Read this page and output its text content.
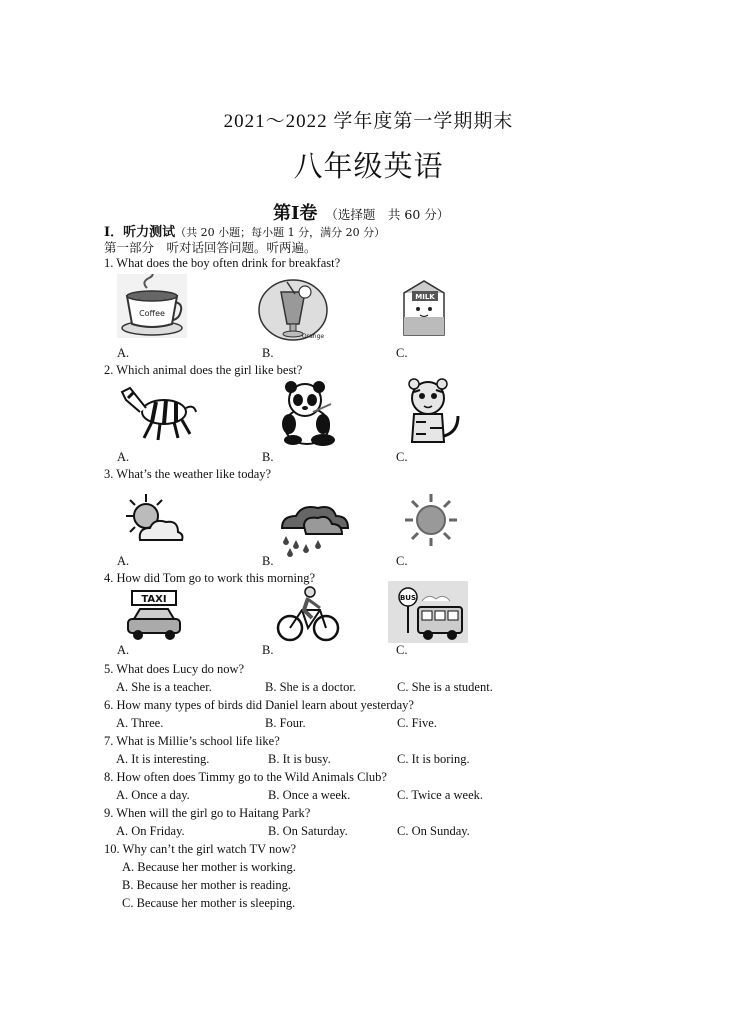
2021～2022 学年度第一学期期末
八年级英语
第Ⅰ卷 （选择题　共 60 分）
Ⅰ．听力测试（共 20 小题；每小题 1 分，满分 20 分）
第一部分　听对话回答问题。听两遍。
1. What does the boy often drink for breakfast?
Coffee
Orange
MILK
A.	B.	C.
2. Which animal does the girl like best?
A.	B.	C.
3. What’s the weather like today?
A.	B.	C.
4. How did Tom go to work this morning?
TAXI	BUS
A.	B.	C.
5. What does Lucy do now?
A. She is a teacher.	B. She is a doctor.	C. She is a student.
6. How many types of birds did Daniel learn about yesterday?
A. Three.	B. Four.	C. Five.
7. What is Millie’s school life like?
A. It is interesting.	B. It is busy.	C. It is boring.
8. How often does Timmy go to the Wild Animals Club?
A. Once a day.	B. Once a week.	C. Twice a week.
9. When will the girl go to Haitang Park?
A. On Friday.	B. On Saturday.	C. On Sunday.
10. Why can’t the girl watch TV now?
A. Because her mother is working.
B. Because her mother is reading.
C. Because her mother is sleeping.
